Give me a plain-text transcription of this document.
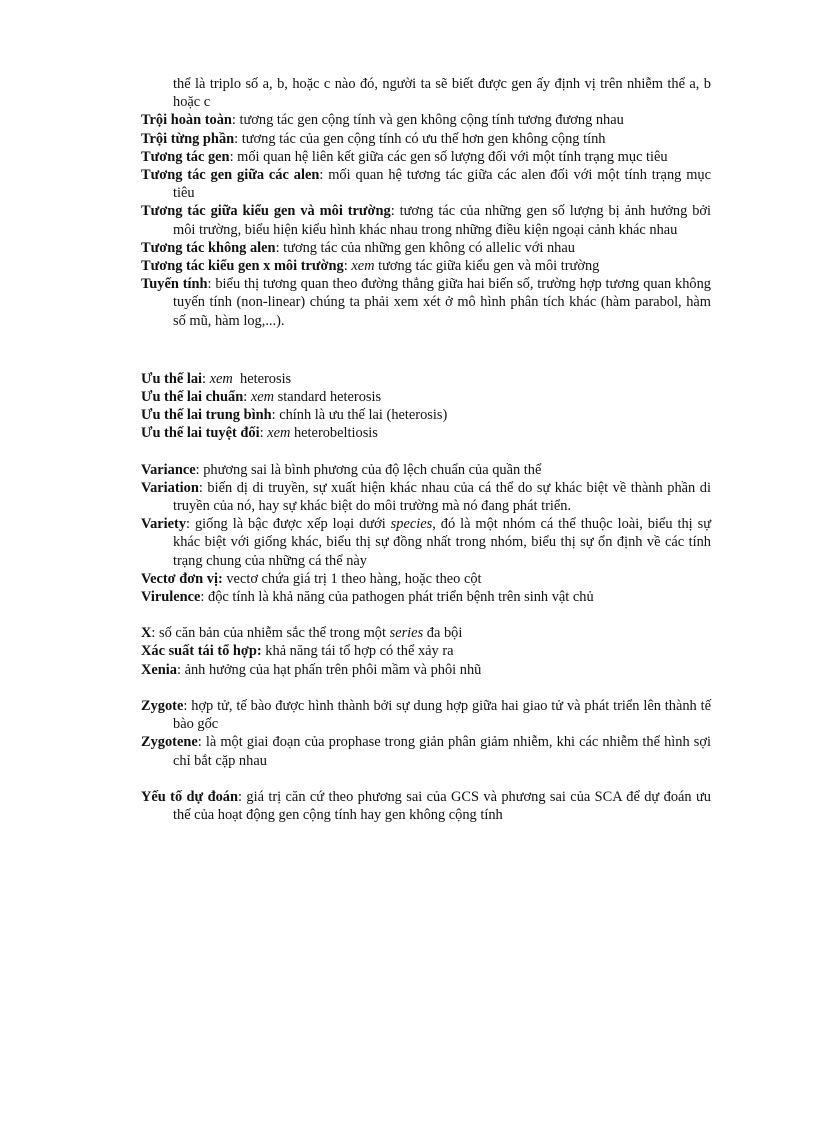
thể là triplo số a, b, hoặc c nào đó, người ta sẽ biết được gen ấy định vị trên nhiễm thể a, b hoặc c

Trội hoàn toàn: tương tác gen cộng tính và gen không cộng tính tương đương nhau

Trội từng phần: tương tác của gen cộng tính có ưu thế hơn gen không cộng tính

Tương tác gen: mối quan hệ liên kết giữa các gen số lượng đối với một tính trạng mục tiêu

Tương tác gen giữa các alen: mối quan hệ tương tác giữa các alen đối với một tính trạng mục tiêu

Tương tác giữa kiểu gen và môi trường: tương tác của những gen số lượng bị ảnh hưởng bởi môi trường, biểu hiện kiểu hình khác nhau trong những điều kiện ngoại cảnh khác nhau

Tương tác không alen: tương tác của những gen không có allelic với nhau

Tương tác kiểu gen x môi trường: xem tương tác giữa kiểu gen và môi trường

Tuyến tính: biểu thị tương quan theo đường thẳng giữa hai biến số, trường hợp tương quan không tuyến tính (non-linear) chúng ta phải xem xét ở mô hình phân tích khác (hàm parabol, hàm số mũ, hàm log,...).

Ưu thế lai: xem  heterosis

Ưu thế lai chuẩn: xem standard heterosis

Ưu thế lai trung bình: chính là ưu thế lai (heterosis)

Ưu thế lai tuyệt đối: xem heterobeltiosis

Variance: phương sai là bình phương của độ lệch chuẩn của quần thể

Variation: biến dị di truyền, sự xuất hiện khác nhau của cá thể do sự khác biệt về thành phần di truyền của nó, hay sự khác biệt do môi trường mà nó đang phát triển.

Variety: giống là bậc được xếp loại dưới species, đó là một nhóm cá thể thuộc loài, biểu thị sự khác biệt với giống khác, biểu thị sự đồng nhất trong nhóm, biểu thị sự ổn định về các tính trạng chung của những cá thể này

Vectơ đơn vị: vectơ chứa giá trị 1 theo hàng, hoặc theo cột

Virulence: độc tính là khả năng của pathogen phát triển bệnh trên sinh vật chủ

X: số căn bản của nhiễm sắc thể trong một series đa bội

Xác suất tái tổ hợp: khả năng tái tổ hợp có thể xảy ra

Xenia: ảnh hưởng của hạt phấn trên phôi mầm và phôi nhũ

Zygote: hợp tử, tế bào được hình thành bởi sự dung hợp giữa hai giao tử và phát triển lên thành tế bào gốc

Zygotene: là một giai đoạn của prophase trong giản phân giảm nhiễm, khi các nhiễm thể hình sợi chỉ bắt cặp nhau

Yếu tố dự đoán: giá trị căn cứ theo phương sai của GCS và phương sai của SCA để dự đoán ưu thế của hoạt động gen cộng tính hay gen không cộng tính
